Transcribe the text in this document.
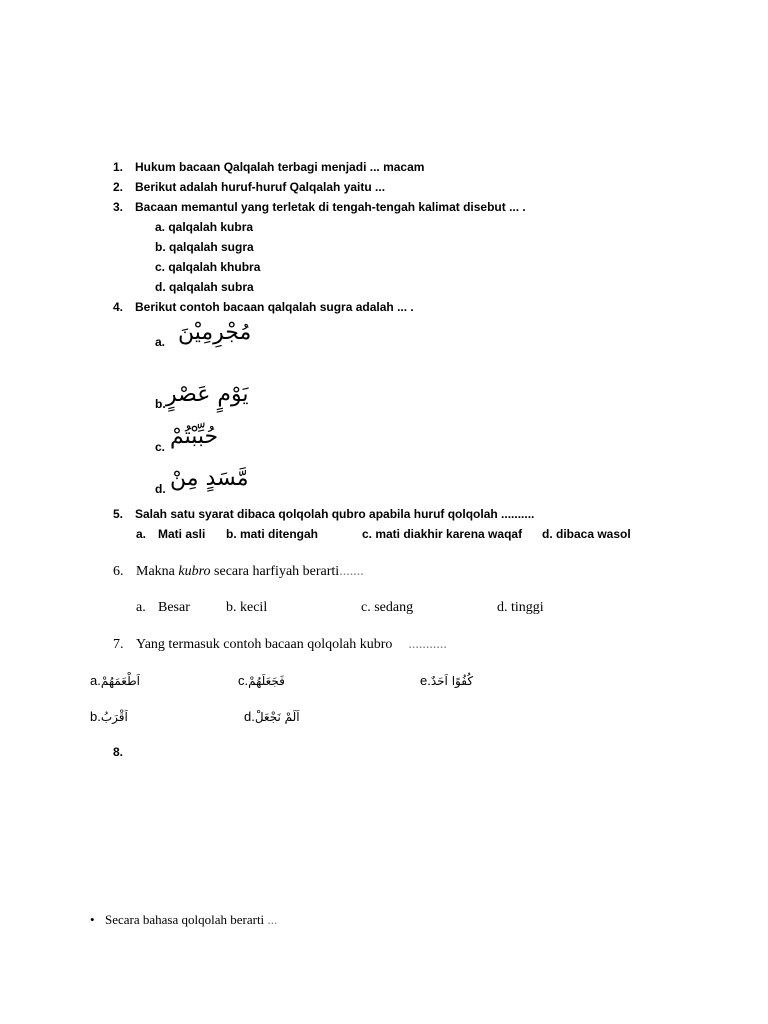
1. Hukum bacaan Qalqalah terbagi menjadi ... macam
2. Berikut adalah huruf-huruf Qalqalah yaitu ...
3. Bacaan memantul yang terletak di tengah-tengah kalimat disebut ... .
a. qalqalah kubra
b. qalqalah sugra
c. qalqalah khubra
d. qalqalah subra
4. Berikut contoh bacaan qalqalah sugra adalah ... .
a. مُجْرِمِيْنَ
b. يَوْمٍ عَصْرٍ
c. حُبِّبْتُمْ
d. مَّسَدٍ مِنْ
5. Salah satu syarat dibaca qolqolah qubro apabila huruf qolqolah ..........
a. Mati asli b. mati ditengah	c. mati diakhir karena waqaf d. dibaca wasol
6. Makna kubro secara harfiyah berarti.......
a. Besar	b. kecil	c. sedang	d. tinggi
7. Yang termasuk contoh bacaan qolqolah kubro ...........
a.اَطْعَمَهُمْ	c.فَجَعَلَهُمْ	e.كُفُوًا اَحَدٌ
b.اَقْرَبُ	d.اَلَمْ نَجْعَلْ
8.
• Secara bahasa qolqolah berarti ...
